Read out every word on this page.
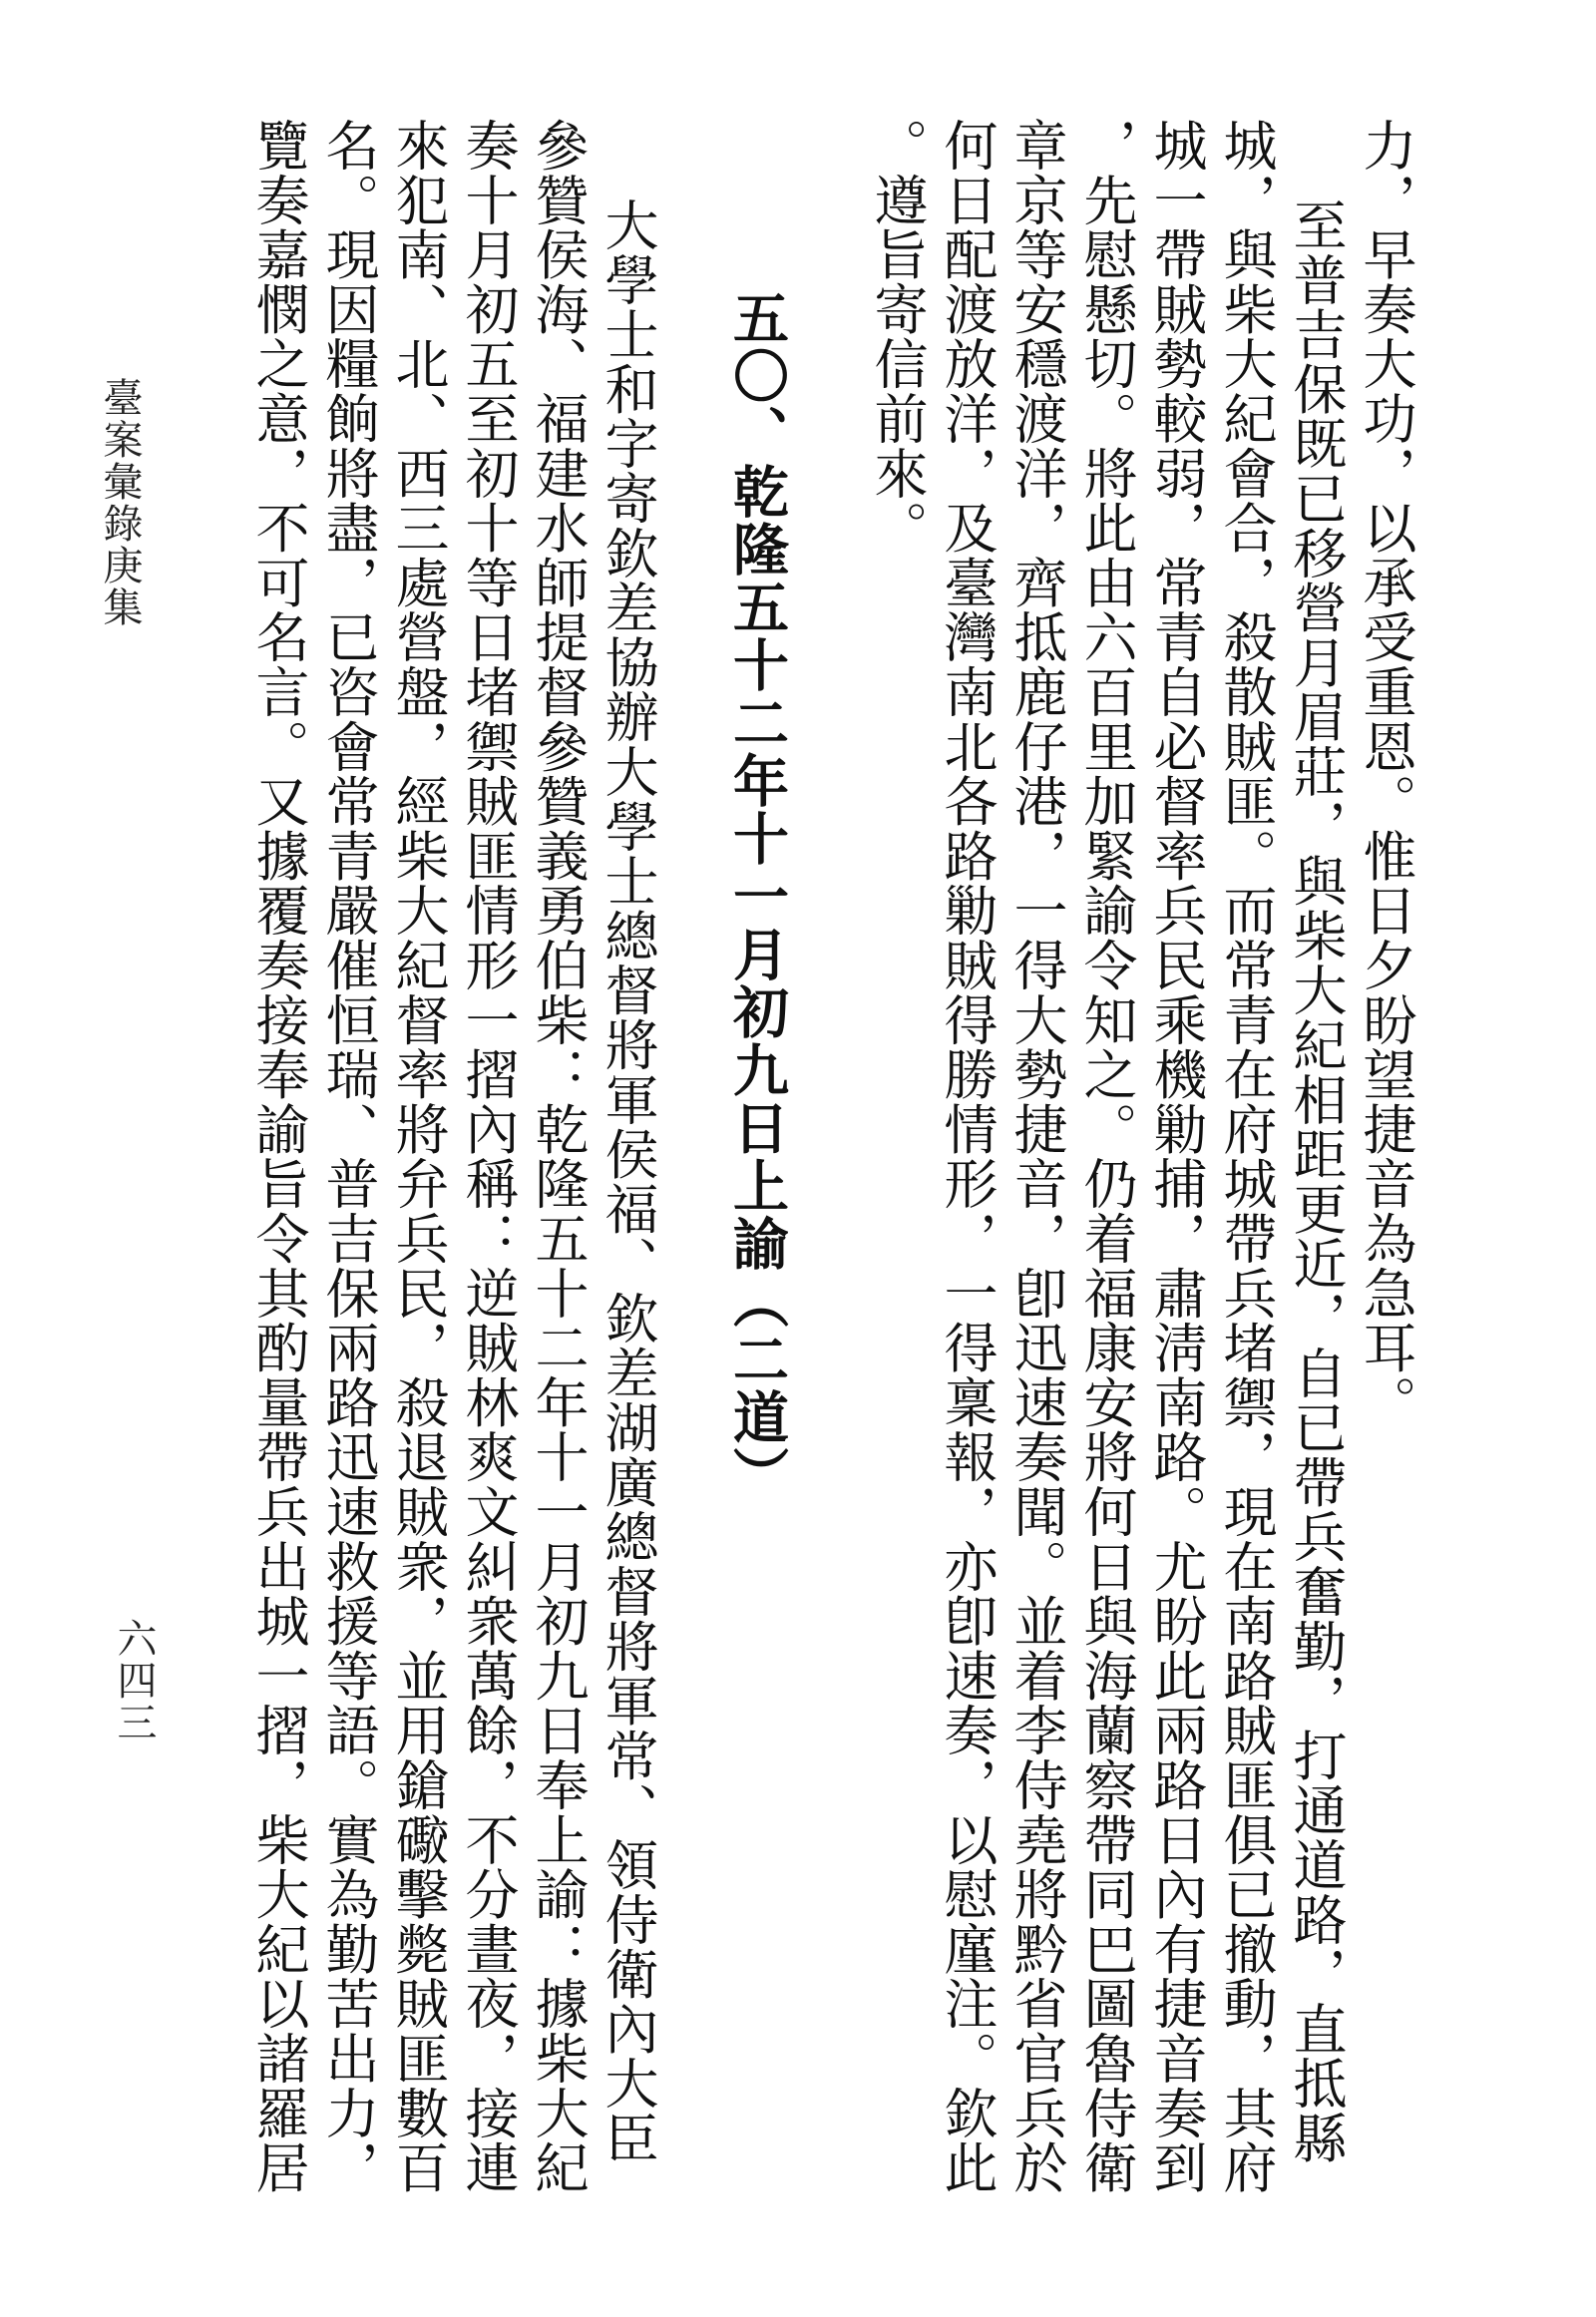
力，早奏大功，以承受重恩。惟日夕盼望捷音為急耳。
至普吉保既已移營月眉莊，與柴大紀相距更近，自已帶兵奮勤，打通道路，直抵縣
城，與柴大紀會合，殺散賊匪。而常青在府城帶兵堵禦，現在南路賊匪俱已撤動，其府
城一帶賊勢較弱，常青自必督率兵民乘機勦捕，肅淸南路。尤盼此兩路日內有捷音奏到
，先慰懸切。將此由六百里加緊諭令知之。仍着福康安將何日與海蘭察帶同巴圖魯侍衛
章京等安穩渡洋，齊抵鹿仔港，一得大勢捷音，卽迅速奏聞。並着李侍堯將黔省官兵於
何日配渡放洋，及臺灣南北各路勦賊得勝情形，一得稟報，亦卽速奏，以慰廑注。欽此
。遵旨寄信前來。
五〇、乾隆五十二年十一月初九日上諭（二道）
大學士和字寄欽差協辦大學士總督將軍侯福、欽差湖廣總督將軍常、領侍衛內大臣
參贊侯海、福建水師提督參贊義勇伯柴：乾隆五十二年十一月初九日奉上諭：據柴大紀
奏十月初五至初十等日堵禦賊匪情形一摺內稱：逆賊林爽文糾衆萬餘，不分晝夜，接連
來犯南、北、西三處營盤，經柴大紀督率將弁兵民，殺退賊衆，並用鎗礮擊斃賊匪數百
名。現因糧餉將盡，已咨會常青嚴催恒瑞、普吉保兩路迅速救援等語。實為勤苦出力，
覽奏嘉憫之意，不可名言。又據覆奏接奉諭旨令其酌量帶兵出城一摺，柴大紀以諸羅居
臺案彙錄庚集
六四三
